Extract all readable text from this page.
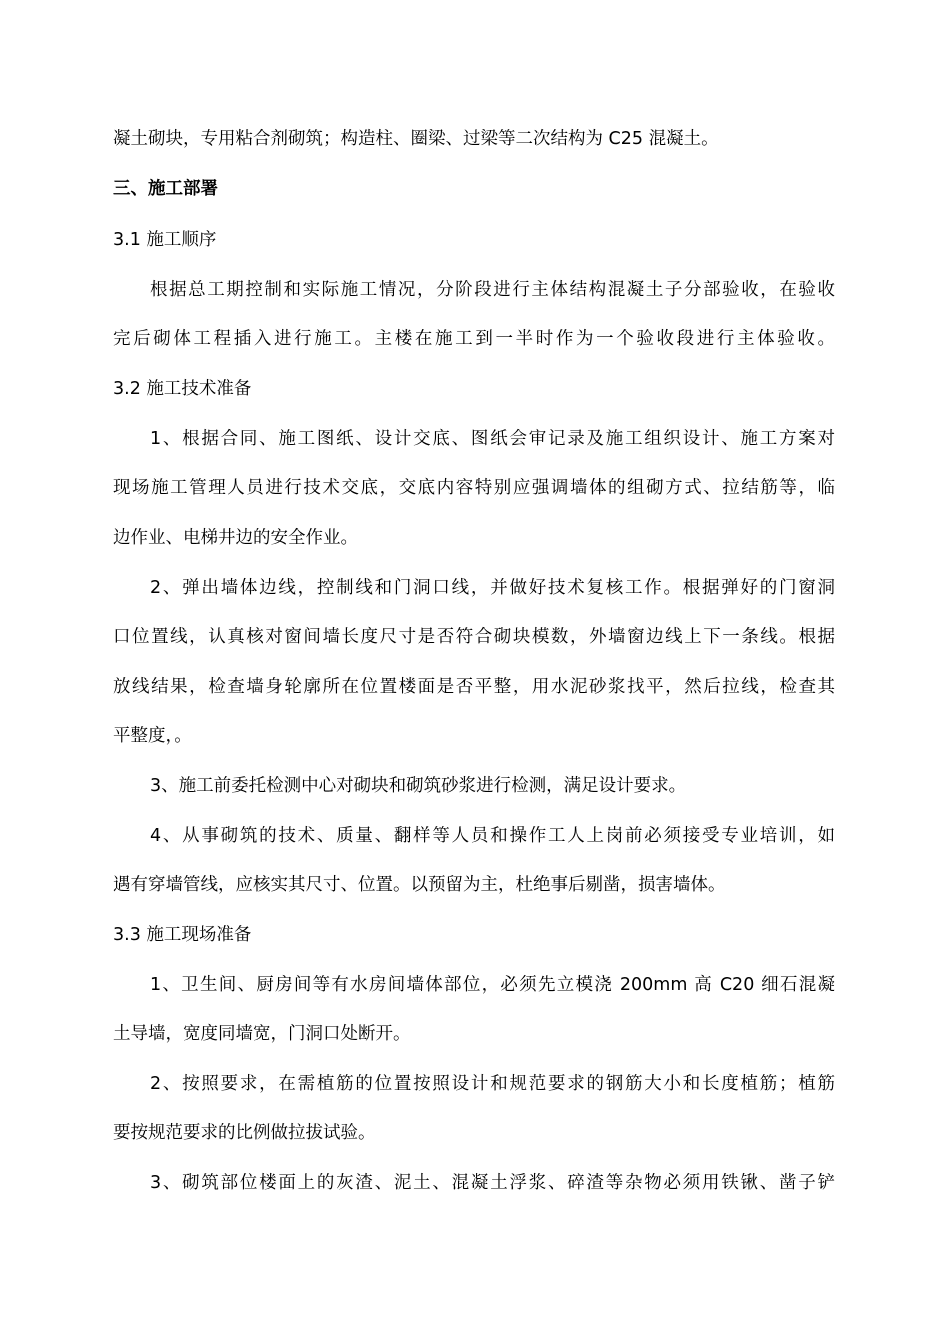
凝土砌块，专用粘合剂砌筑；构造柱、圈梁、过梁等二次结构为 C25 混凝土。
三、施工部署
3.1 施工顺序
根据总工期控制和实际施工情况，分阶段进行主体结构混凝土子分部验收，在验收
完后砌体工程插入进行施工。主楼在施工到一半时作为一个验收段进行主体验收。
3.2 施工技术准备
1、根据合同、施工图纸、设计交底、图纸会审记录及施工组织设计、施工方案对
现场施工管理人员进行技术交底，交底内容特别应强调墙体的组砌方式、拉结筋等，临
边作业、电梯井边的安全作业。
2、弹出墙体边线，控制线和门洞口线，并做好技术复核工作。根据弹好的门窗洞
口位置线，认真核对窗间墙长度尺寸是否符合砌块模数，外墙窗边线上下一条线。根据
放线结果，检查墙身轮廓所在位置楼面是否平整，用水泥砂浆找平，然后拉线，检查其
平整度，。
3、施工前委托检测中心对砌块和砌筑砂浆进行检测，满足设计要求。
4、从事砌筑的技术、质量、翻样等人员和操作工人上岗前必须接受专业培训，如
遇有穿墙管线，应核实其尺寸、位置。以预留为主，杜绝事后剔凿，损害墙体。
3.3 施工现场准备
1、卫生间、厨房间等有水房间墙体部位，必须先立模浇 200mm 高 C20 细石混凝
土导墙，宽度同墙宽，门洞口处断开。
2、按照要求，在需植筋的位置按照设计和规范要求的钢筋大小和长度植筋；植筋
要按规范要求的比例做拉拔试验。
3、砌筑部位楼面上的灰渣、泥土、混凝土浮浆、碎渣等杂物必须用铁锹、凿子铲
